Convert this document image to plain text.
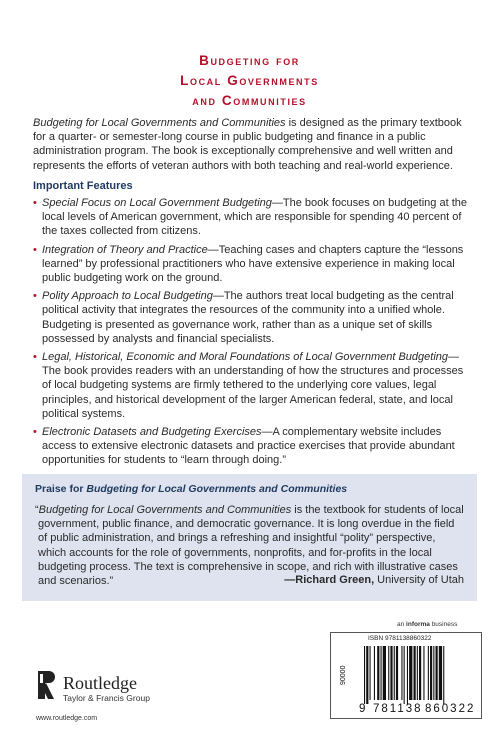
Budgeting for
Local Governments
and Communities

Budgeting for Local Governments and Communities is designed as the primary textbook for a quarter- or semester-long course in public budgeting and finance in a public administration program. The book is exceptionally comprehensive and well written and represents the efforts of veteran authors with both teaching and real-world experience.

Important Features
• Special Focus on Local Government Budgeting—The book focuses on budgeting at the local levels of American government, which are responsible for spending 40 percent of the taxes collected from citizens.
• Integration of Theory and Practice—Teaching cases and chapters capture the “lessons learned” by professional practitioners who have extensive experience in making local public budgeting work on the ground.
• Polity Approach to Local Budgeting—The authors treat local budgeting as the central political activity that integrates the resources of the community into a unified whole. Budgeting is presented as governance work, rather than as a unique set of skills possessed by analysts and financial specialists.
• Legal, Historical, Economic and Moral Foundations of Local Government Budgeting—The book provides readers with an understanding of how the structures and processes of local budgeting systems are firmly tethered to the underlying core values, legal principles, and historical development of the larger American federal, state, and local political systems.
• Electronic Datasets and Budgeting Exercises—A complementary website includes access to extensive electronic datasets and practice exercises that provide abundant opportunities for students to “learn through doing.”
•
Praise for Budgeting for Local Governments and Communities
“Budgeting for Local Governments and Communities is the textbook for students of local government, public finance, and democratic governance. It is long overdue in the field of public administration, and brings a refreshing and insightful “polity” perspective, which accounts for the role of governments, nonprofits, and for-profits in the local budgeting process. The text is comprehensive in scope, and rich with illustrative cases and scenarios.”	—Richard Green, University of Utah
an informa business
Routledge
Taylor & Francis Group
www.routledge.com
ISBN 9781138860322
90000
9 781138 860322
